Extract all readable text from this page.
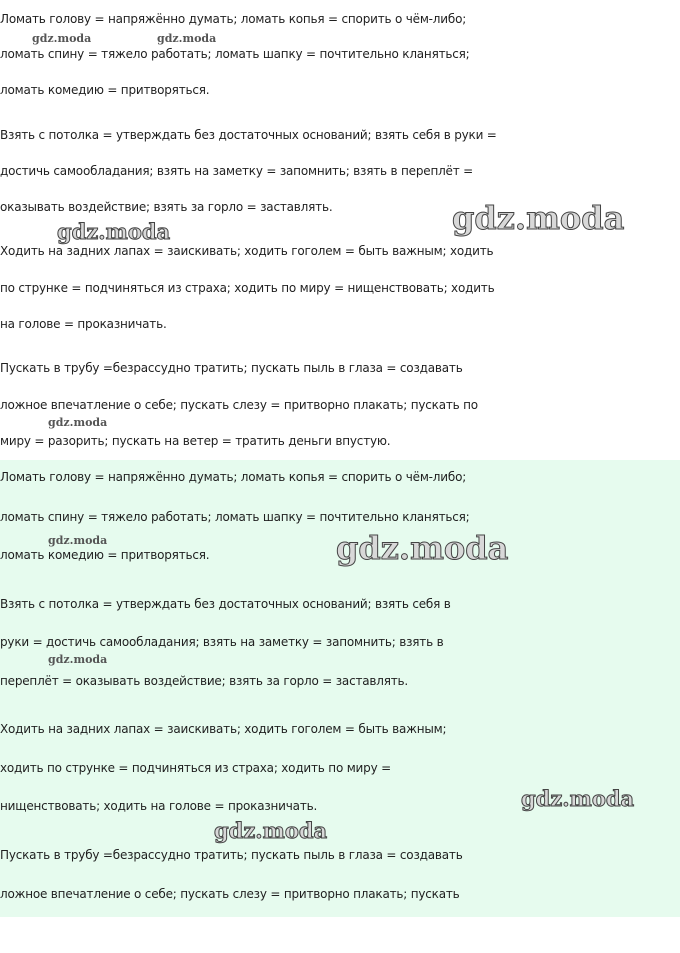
Ломать голову = напряжённо думать; ломать копья = спорить о чём-либо;
ломать спину = тяжело работать; ломать шапку = почтительно кланяться;
ломать комедию = притворяться.
Взять с потолка = утверждать без достаточных оснований; взять себя в руки =
достичь самообладания; взять на заметку = запомнить; взять в переплёт =
оказывать воздействие; взять за горло = заставлять.
Ходить на задних лапах = заискивать; ходить гоголем = быть важным; ходить
по струнке = подчиняться из страха; ходить по миру = нищенствовать; ходить
на голове = проказничать.
Пускать в трубу =безрассудно тратить; пускать пыль в глаза = создавать
ложное впечатление о себе; пускать слезу = притворно плакать; пускать по
миру = разорить; пускать на ветер = тратить деньги впустую.
Ломать голову = напряжённо думать; ломать копья = спорить о чём-либо;
ломать спину = тяжело работать; ломать шапку = почтительно кланяться;
ломать комедию = притворяться.
Взять с потолка = утверждать без достаточных оснований; взять себя в
руки = достичь самообладания; взять на заметку = запомнить; взять в
переплёт = оказывать воздействие; взять за горло = заставлять.
Ходить на задних лапах = заискивать; ходить гоголем = быть важным;
ходить по струнке = подчиняться из страха; ходить по миру =
нищенствовать; ходить на голове = проказничать.
Пускать в трубу =безрассудно тратить; пускать пыль в глаза = создавать
ложное впечатление о себе; пускать слезу = притворно плакать; пускать
gdz.moda	gdz.moda
gdz.moda
gdz.moda
gdz.moda
gdz.moda	gdz.moda
gdz.moda
gdz.moda
gdz.moda
